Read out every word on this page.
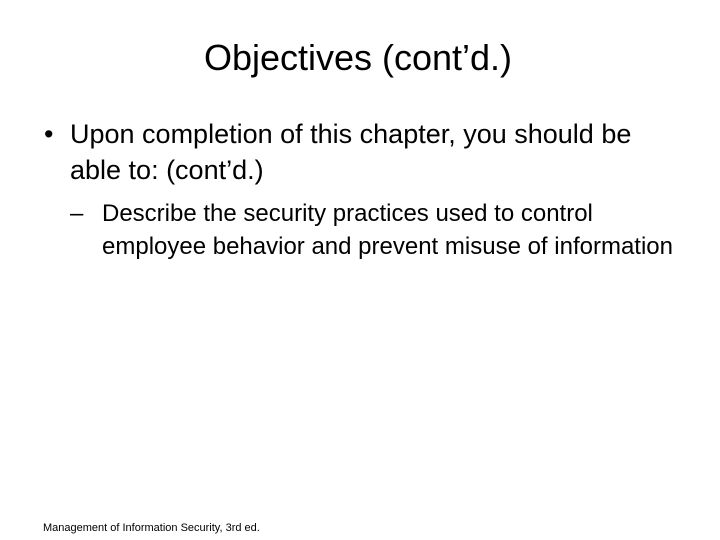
Objectives (cont’d.)
• Upon completion of this chapter, you should be able to: (cont’d.)
– Describe the security practices used to control employee behavior and prevent misuse of information
Management of Information Security, 3rd ed.
